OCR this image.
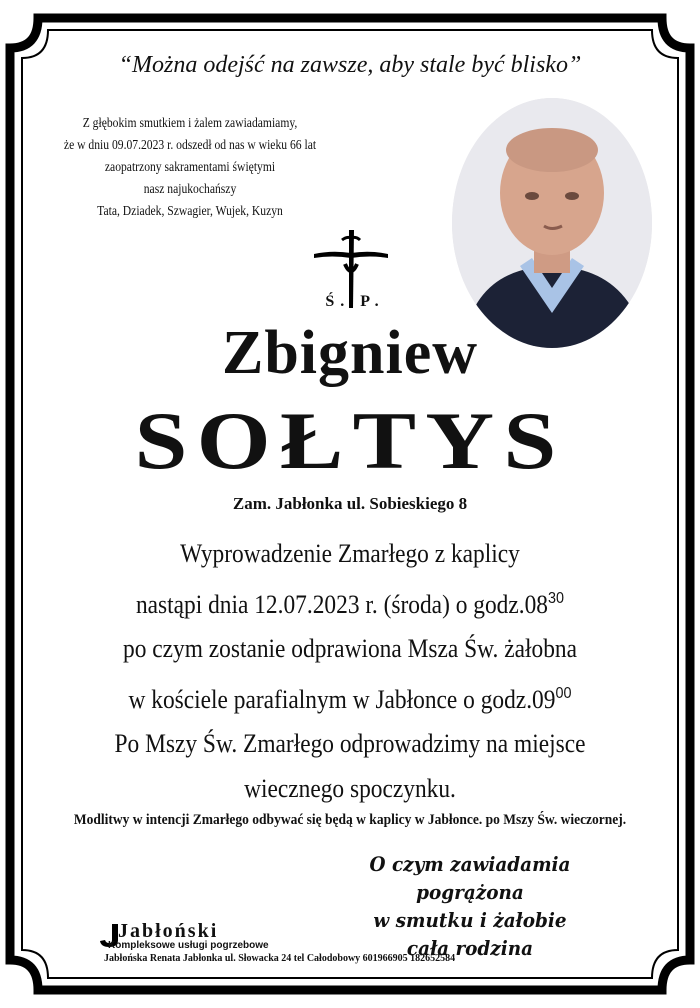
“Można odejść na zawsze, aby stale być blisko”
Z głębokim smutkiem i żalem zawiadamiamy,
że w dniu 09.07.2023 r. odszedł od nas w wieku 66 lat
zaopatrzony sakramentami świętymi
nasz najukochańszy
Tata, Dziadek, Szwagier, Wujek, Kuzyn
Ś. P.
Zbigniew
SOŁTYS
Zam. Jabłonka ul. Sobieskiego 8
Wyprowadzenie Zmarłego z kaplicy
nastąpi dnia 12.07.2023 r. (środa) o $godz.08^{30}$
po czym zostanie odprawiona Msza Św. żałobna
w kościele parafialnym w Jabłonce o $godz.09^{00}$
Po Mszy Św. Zmarłego odprowadzimy na miejsce
wiecznego spoczynku.
Modlitwy w intencji Zmarłego odbywać się będą w kaplicy w Jabłonce. po Mszy Św. wieczornej.
O czym zawiadamia pogrążona
w smutku i żałobie
cała rodzina
Jabłoński
Kompleksowe usługi pogrzebowe
Jabłońska Renata Jabłonka ul. Słowacka 24 tel Całodobowy 601966905 182652584
